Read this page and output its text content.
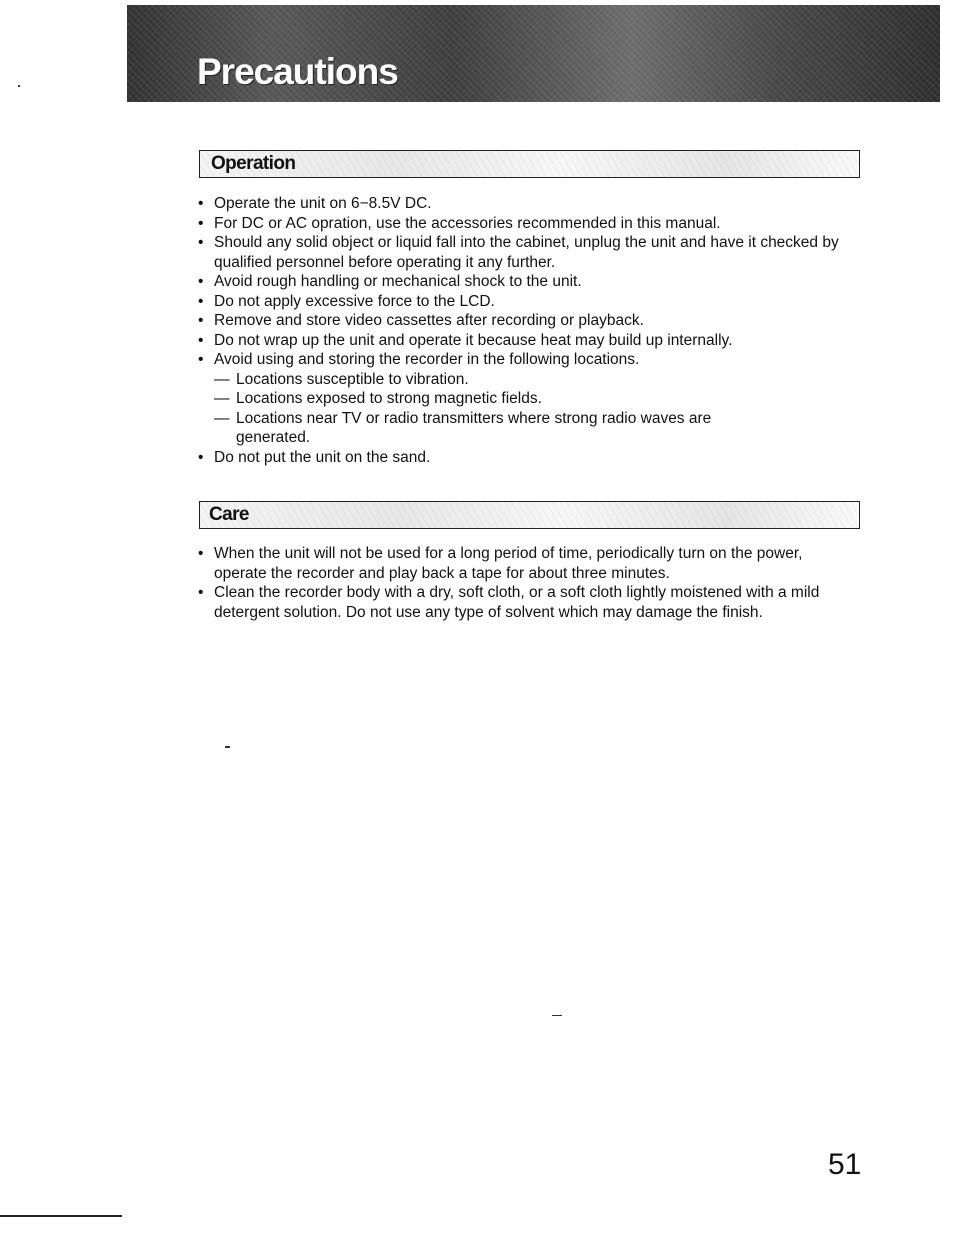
Precautions
Operation
• Operate the unit on 6−8.5V DC.
• For DC or AC opration, use the accessories recommended in this manual.
• Should any solid object or liquid fall into the cabinet, unplug the unit and have it checked by qualified personnel before operating it any further.
• Avoid rough handling or mechanical shock to the unit.
• Do not apply excessive force to the LCD.
• Remove and store video cassettes after recording or playback.
• Do not wrap up the unit and operate it because heat may build up internally.
• Avoid using and storing the recorder in the following locations.
— Locations susceptible to vibration.
— Locations exposed to strong magnetic fields.
— Locations near TV or radio transmitters where strong radio waves are generated.
• Do not put the unit on the sand.
Care
• When the unit will not be used for a long period of time, periodically turn on the power, operate the recorder and play back a tape for about three minutes.
• Clean the recorder body with a dry, soft cloth, or a soft cloth lightly moistened with a mild detergent solution. Do not use any type of solvent which may damage the finish.
51
